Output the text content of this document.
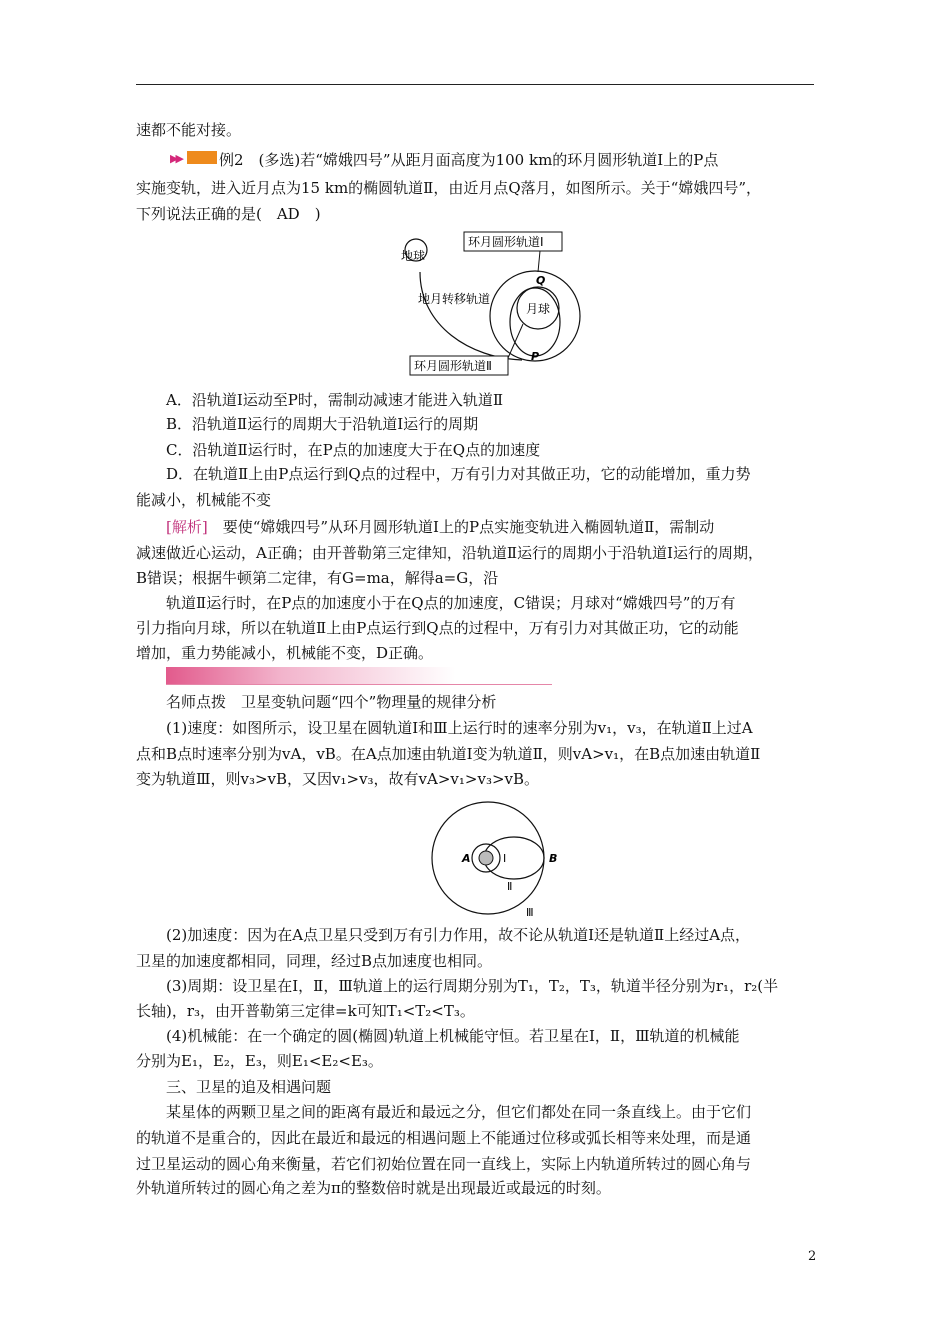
速都不能对接。
▶▶	例2　(多选)若“嫦娥四号”从距月面高度为100 km的环月圆形轨道Ⅰ上的P点
实施变轨，进入近月点为15 km的椭圆轨道Ⅱ，由近月点Q落月，如图所示。关于“嫦娥四号”，
下列说法正确的是(　AD　)
地球
地月转移轨道
月球
环月圆形轨道Ⅰ
Q
环月圆形轨道Ⅱ
P
A．沿轨道Ⅰ运动至P时，需制动减速才能进入轨道Ⅱ
B．沿轨道Ⅱ运行的周期大于沿轨道Ⅰ运行的周期
C．沿轨道Ⅱ运行时，在P点的加速度大于在Q点的加速度
D．在轨道Ⅱ上由P点运行到Q点的过程中，万有引力对其做正功，它的动能增加，重力势
能减小，机械能不变
[解析]　要使“嫦娥四号”从环月圆形轨道Ⅰ上的P点实施变轨进入椭圆轨道Ⅱ，需制动
减速做近心运动，A正确；由开普勒第三定律知，沿轨道Ⅱ运行的周期小于沿轨道Ⅰ运行的周期，
B错误；根据牛顿第二定律，有G=ma，解得a=G，沿
轨道Ⅱ运行时，在P点的加速度小于在Q点的加速度，C错误；月球对“嫦娥四号”的万有
引力指向月球，所以在轨道Ⅱ上由P点运行到Q点的过程中，万有引力对其做正功，它的动能
增加，重力势能减小，机械能不变，D正确。
名师点拨　卫星变轨问题“四个”物理量的规律分析
(1)速度：如图所示，设卫星在圆轨道Ⅰ和Ⅲ上运行时的速率分别为v₁，v₃，在轨道Ⅱ上过A
点和B点时速率分别为vA，vB。在A点加速由轨道Ⅰ变为轨道Ⅱ，则vA>v₁，在B点加速由轨道Ⅱ
变为轨道Ⅲ，则v₃>vB，又因v₁>v₃，故有vA>v₁>v₃>vB。
A	Ⅰ	B
Ⅱ
Ⅲ
(2)加速度：因为在A点卫星只受到万有引力作用，故不论从轨道Ⅰ还是轨道Ⅱ上经过A点，
卫星的加速度都相同，同理，经过B点加速度也相同。
(3)周期：设卫星在Ⅰ，Ⅱ，Ⅲ轨道上的运行周期分别为T₁，T₂，T₃，轨道半径分别为r₁，r₂(半
长轴)，r₃，由开普勒第三定律=k可知T₁<T₂<T₃。
(4)机械能：在一个确定的圆(椭圆)轨道上机械能守恒。若卫星在Ⅰ，Ⅱ，Ⅲ轨道的机械能
分别为E₁，E₂，E₃，则E₁<E₂<E₃。
三、卫星的追及相遇问题
某星体的两颗卫星之间的距离有最近和最远之分，但它们都处在同一条直线上。由于它们
的轨道不是重合的，因此在最近和最远的相遇问题上不能通过位移或弧长相等来处理，而是通
过卫星运动的圆心角来衡量，若它们初始位置在同一直线上，实际上内轨道所转过的圆心角与
外轨道所转过的圆心角之差为π的整数倍时就是出现最近或最远的时刻。
2
